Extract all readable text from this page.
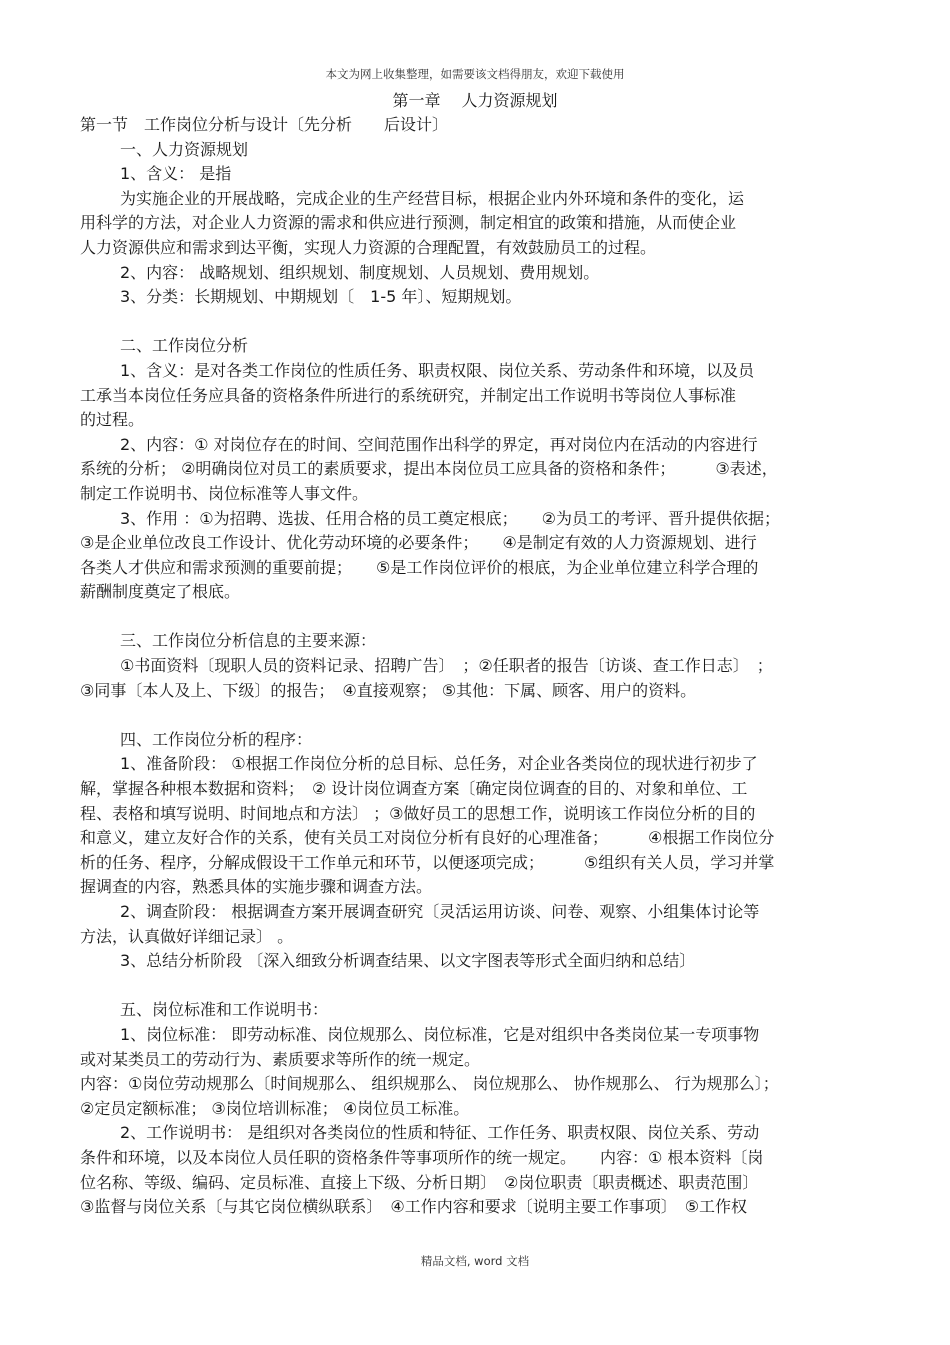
本文为网上收集整理，如需要该文档得朋友，欢迎下载使用
第一章　 人力资源规划
第一节　工作岗位分析与设计〔先分析　　后设计〕
一、人力资源规划
1、含义： 是指
为实施企业的开展战略，完成企业的生产经营目标，根据企业内外环境和条件的变化，运
用科学的方法，对企业人力资源的需求和供应进行预测，制定相宜的政策和措施，从而使企业
人力资源供应和需求到达平衡，实现人力资源的合理配置，有效鼓励员工的过程。
2、内容： 战略规划、组织规划、制度规划、人员规划、费用规划。
3、分类：长期规划、中期规划〔　1-5 年〕、短期规划。
二、工作岗位分析
1、含义：是对各类工作岗位的性质任务、职责权限、岗位关系、劳动条件和环境，以及员
工承当本岗位任务应具备的资格条件所进行的系统研究，并制定出工作说明书等岗位人事标准
的过程。
2、内容：① 对岗位存在的时间、空间范围作出科学的界定，再对岗位内在活动的内容进行
系统的分析； ②明确岗位对员工的素质要求，提出本岗位员工应具备的资格和条件；　　　③表述，
制定工作说明书、岗位标准等人事文件。
3、作用 ：①为招聘、选拔、任用合格的员工奠定根底；　　②为员工的考评、晋升提供依据；
③是企业单位改良工作设计、优化劳动环境的必要条件；　　④是制定有效的人力资源规划、进行
各类人才供应和需求预测的重要前提；　　⑤是工作岗位评价的根底，为企业单位建立科学合理的
薪酬制度奠定了根底。
三、工作岗位分析信息的主要来源：
①书面资料〔现职人员的资料记录、招聘广告〕　；②任职者的报告〔访谈、查工作日志〕　；
③同事〔本人及上、下级〕的报告；　④直接观察； ⑤其他：下属、顾客、用户的资料。
四、工作岗位分析的程序：
1、准备阶段： ①根据工作岗位分析的总目标、总任务，对企业各类岗位的现状进行初步了
解，掌握各种根本数据和资料；　② 设计岗位调查方案〔确定岗位调查的目的、对象和单位、工
程、表格和填写说明、时间地点和方法〕 ；③做好员工的思想工作，说明该工作岗位分析的目的
和意义，建立友好合作的关系，使有关员工对岗位分析有良好的心理准备；　　　④根据工作岗位分
析的任务、程序，分解成假设干工作单元和环节，以便逐项完成；　　　⑤组织有关人员，学习并掌
握调查的内容，熟悉具体的实施步骤和调查方法。
2、调查阶段： 根据调查方案开展调查研究〔灵活运用访谈、问卷、观察、小组集体讨论等
方法，认真做好详细记录〕 。
3、总结分析阶段 〔深入细致分析调查结果、以文字图表等形式全面归纳和总结〕
五、岗位标准和工作说明书：
1、岗位标准： 即劳动标准、岗位规那么、岗位标准，它是对组织中各类岗位某一专项事物
或对某类员工的劳动行为、素质要求等所作的统一规定。
内容：①岗位劳动规那么〔时间规那么、 组织规那么、 岗位规那么、 协作规那么、 行为规那么〕；
②定员定额标准； ③岗位培训标准； ④岗位员工标准。
2、工作说明书： 是组织对各类岗位的性质和特征、工作任务、职责权限、岗位关系、劳动
条件和环境，以及本岗位人员任职的资格条件等事项所作的统一规定。　　内容：① 根本资料〔岗
位名称、等级、编码、定员标准、直接上下级、分析日期〕　②岗位职责〔职责概述、职责范围〕
③监督与岗位关系〔与其它岗位横纵联系〕　④工作内容和要求〔说明主要工作事项〕　⑤工作权
精品文档, word 文档
